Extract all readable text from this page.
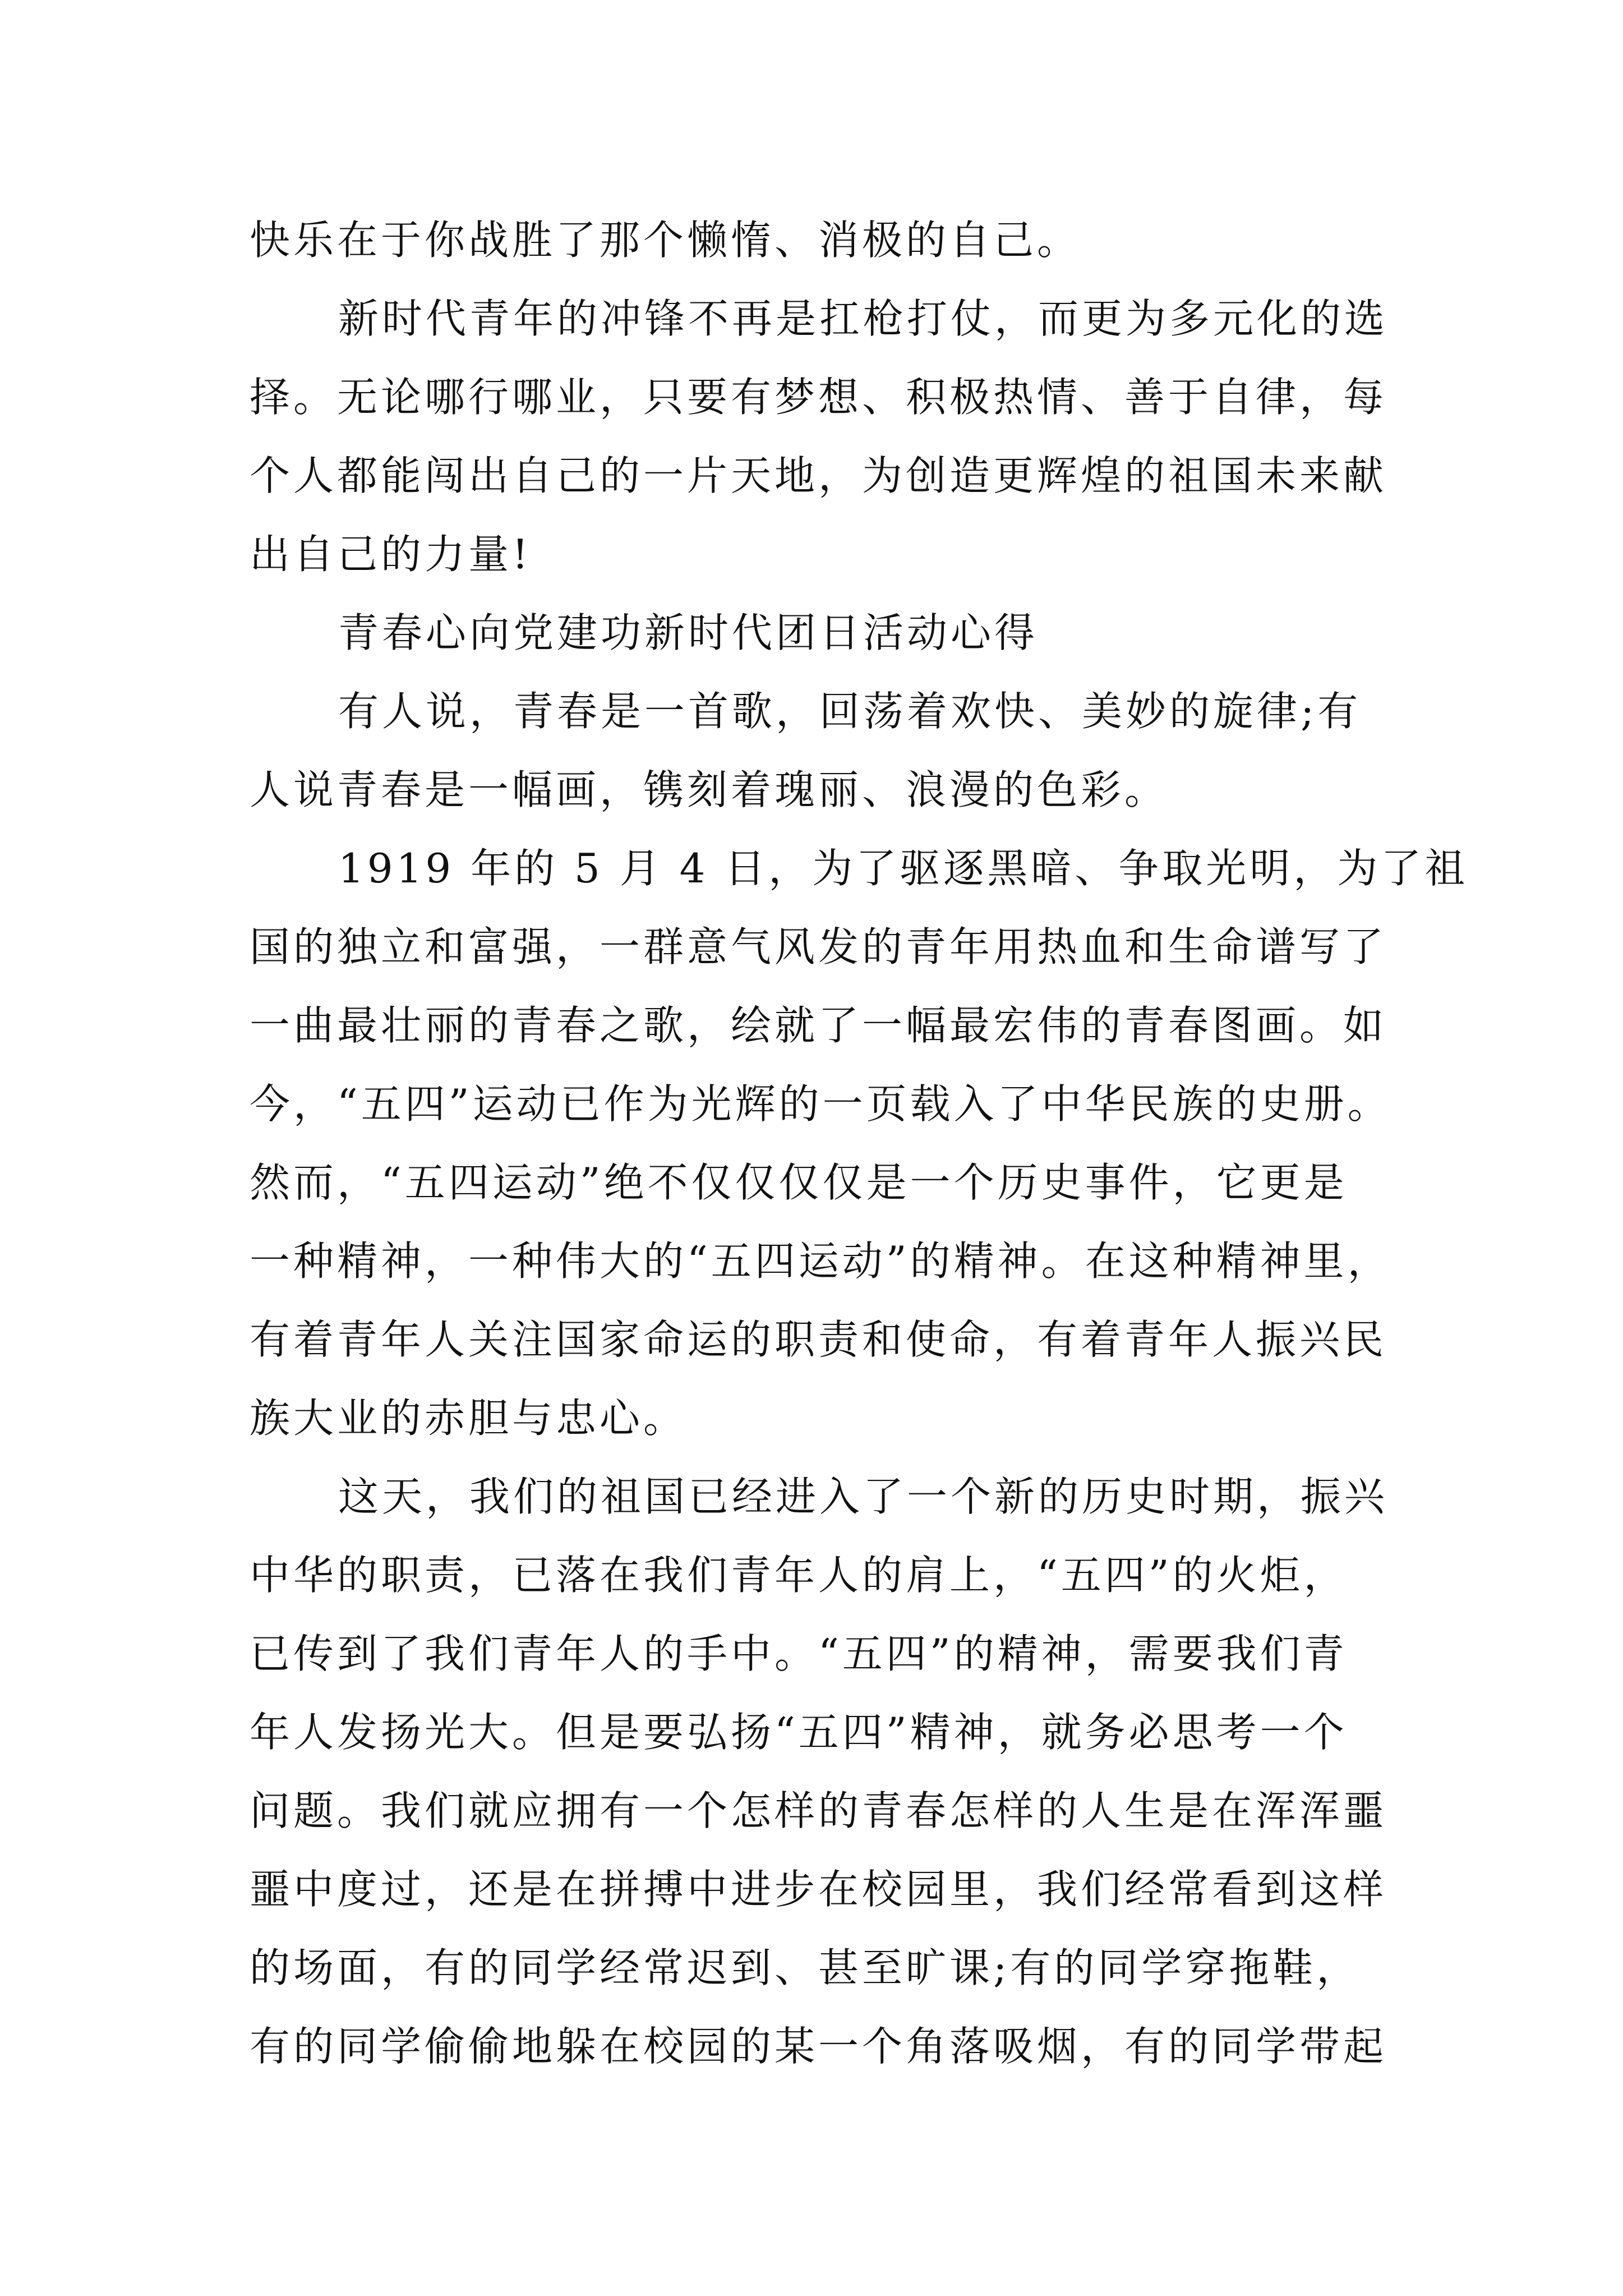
快乐在于你战胜了那个懒惰、消极的自己。

新时代青年的冲锋不再是扛枪打仗，而更为多元化的选

择。无论哪行哪业，只要有梦想、积极热情、善于自律，每

个人都能闯出自己的一片天地，为创造更辉煌的祖国未来献

出自己的力量!

青春心向党建功新时代团日活动心得

有人说，青春是一首歌，回荡着欢快、美妙的旋律;有

人说青春是一幅画，镌刻着瑰丽、浪漫的色彩。

1919 年的 5 月 4 日，为了驱逐黑暗、争取光明，为了祖

国的独立和富强，一群意气风发的青年用热血和生命谱写了

一曲最壮丽的青春之歌，绘就了一幅最宏伟的青春图画。如

今，“五四”运动已作为光辉的一页载入了中华民族的史册。

然而，“五四运动”绝不仅仅仅仅是一个历史事件，它更是

一种精神，一种伟大的“五四运动”的精神。在这种精神里，

有着青年人关注国家命运的职责和使命，有着青年人振兴民

族大业的赤胆与忠心。

这天，我们的祖国已经进入了一个新的历史时期，振兴

中华的职责，已落在我们青年人的肩上，“五四”的火炬，

已传到了我们青年人的手中。“五四”的精神，需要我们青

年人发扬光大。但是要弘扬“五四”精神，就务必思考一个

问题。我们就应拥有一个怎样的青春怎样的人生是在浑浑噩

噩中度过，还是在拼搏中进步在校园里，我们经常看到这样

的场面，有的同学经常迟到、甚至旷课;有的同学穿拖鞋，

有的同学偷偷地躲在校园的某一个角落吸烟，有的同学带起
